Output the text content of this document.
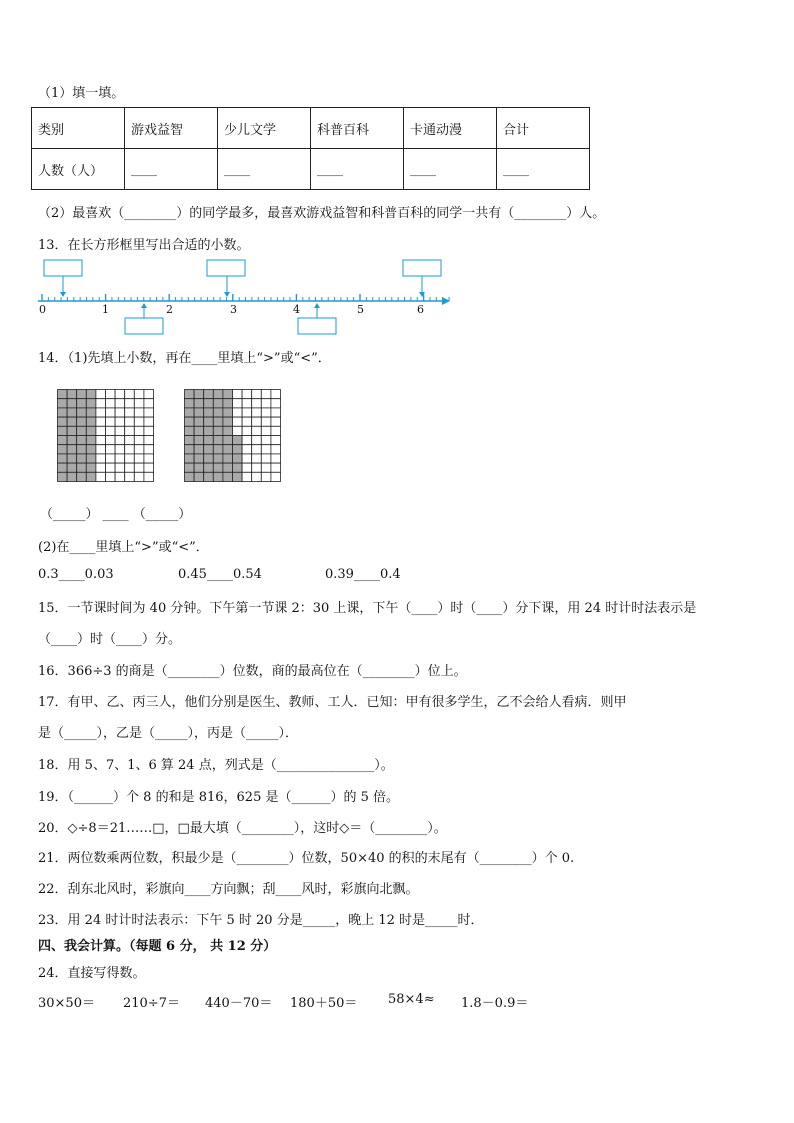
（1）填一填。
类别	游戏益智	少儿文学	科普百科	卡通动漫	合计
人数（人）	____	____	____	____	____
（2）最喜欢（________）的同学最多，最喜欢游戏益智和科普百科的同学一共有（________）人。
13．在长方形框里写出合适的小数。
0	1	2	3	4	5	6
14．（1)先填上小数，再在____里填上“>”或“<”．
（_____） ____ （_____）
(2)在____里填上“>”或“<”．
0.3____0.03	0.45____0.54	0.39____0.4
15．一节课时间为 40 分钟。下午第一节课 2：30 上课，下午（____）时（____）分下课，用 24 时计时法表示是
（____）时（____）分。
16．366÷3 的商是（________）位数，商的最高位在（________）位上。
17．有甲、乙、丙三人，他们分别是医生、教师、工人．已知：甲有很多学生，乙不会给人看病．则甲
是（_____），乙是（_____），丙是（_____）．
18．用 5、7、1、6 算 24 点，列式是（_______________）。
19．（______）个 8 的和是 816，625 是（______）的 5 倍。
20．◇÷8＝21……□，□最大填（________），这时◇＝（________）。
21．两位数乘两位数，积最少是（________）位数，50×40 的积的末尾有（________）个 0.
22．刮东北风时，彩旗向____方向飘；刮____风时，彩旗向北飘。
23．用 24 时计时法表示：下午 5 时 20 分是_____，晚上 12 时是_____时．
四、我会计算。（每题 6 分， 共 12 分）
24．直接写得数。
30×50＝ 210÷7＝ 440－70＝ 180＋50＝ 58×4≈ 1.8－0.9＝
